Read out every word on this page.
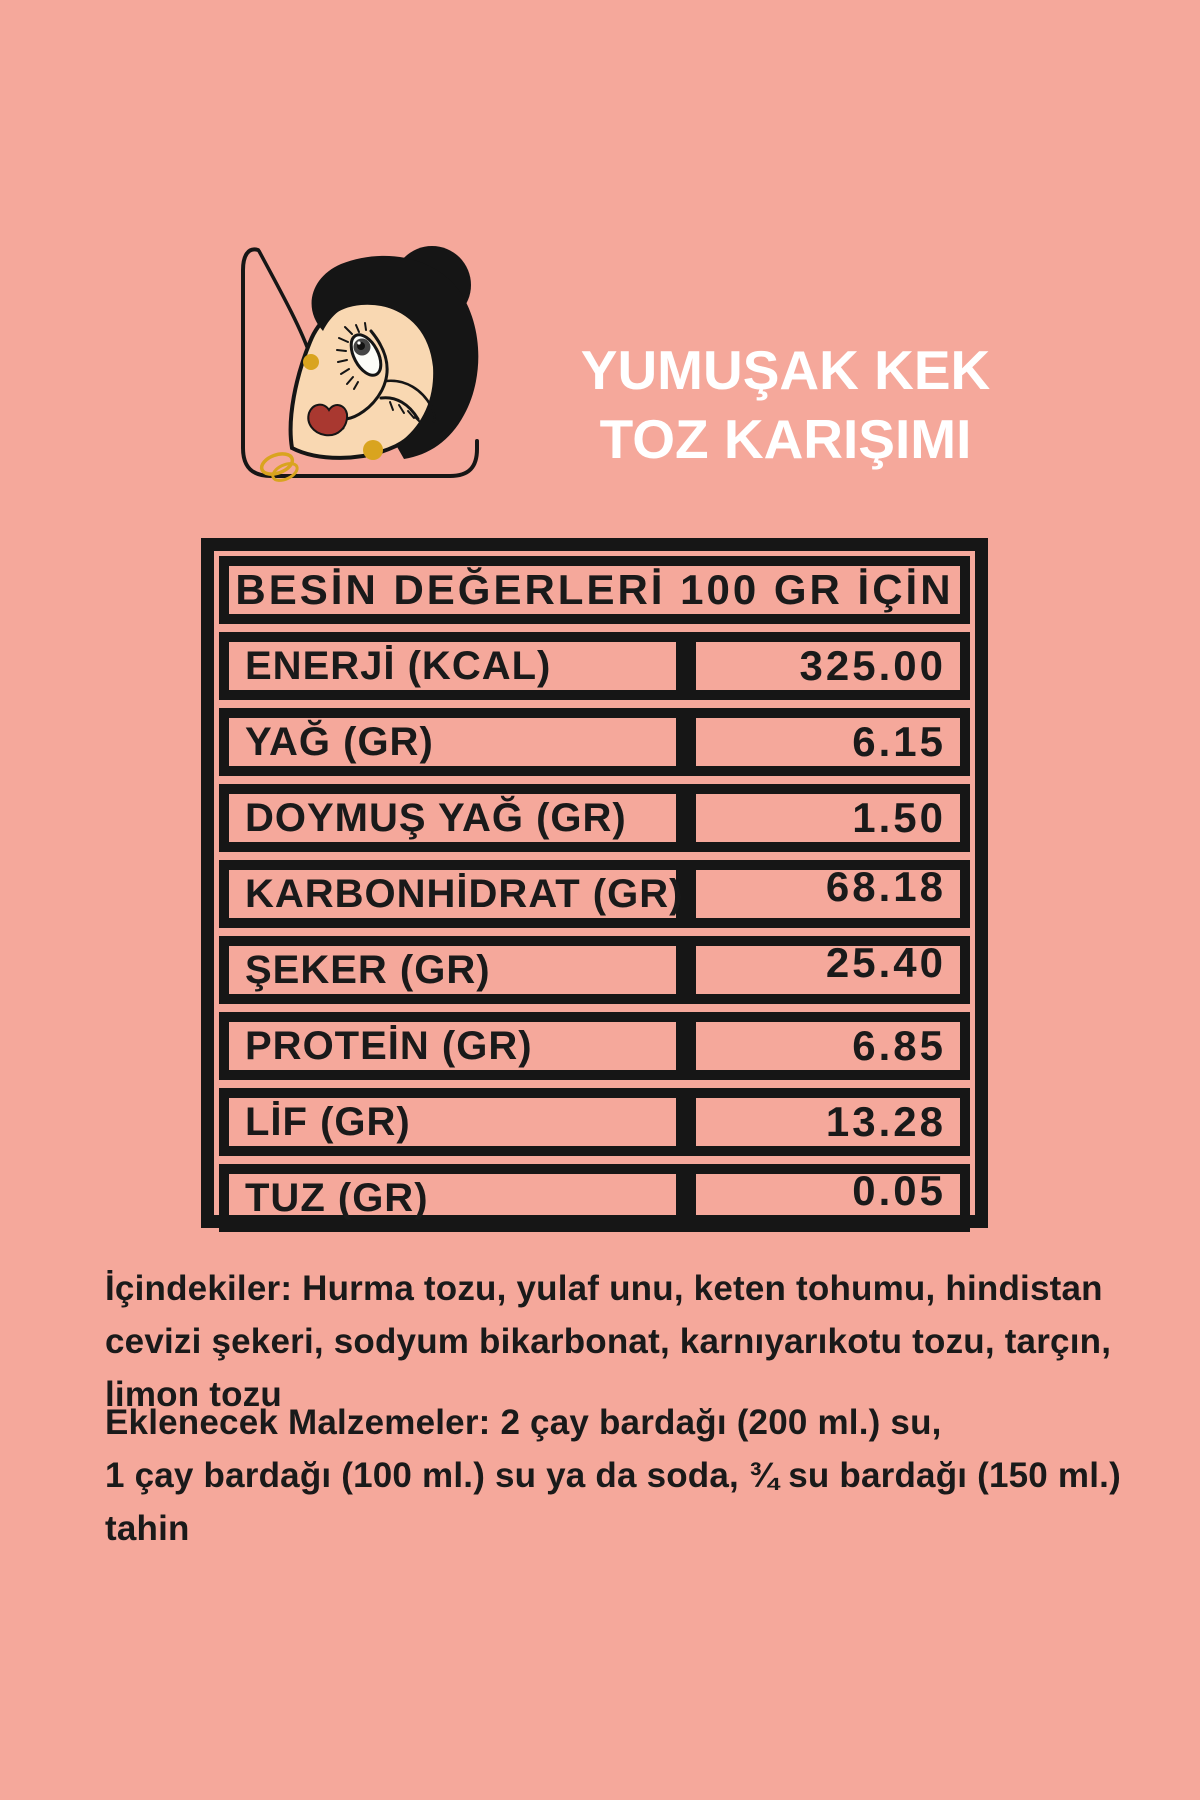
YUMUŞAK KEK
TOZ KARIŞIMI
BESİN DEĞERLERİ 100 GR İÇİN
ENERJİ (KCAL)	325.00
YAĞ (GR)	6.15
DOYMUŞ YAĞ (GR)	1.50
KARBONHİDRAT (GR)	68.18
ŞEKER (GR)	25.40
PROTEİN (GR)	6.85
LİF (GR)	13.28
TUZ (GR)	0.05
İçindekiler: Hurma tozu, yulaf unu, keten tohumu, hindistan
cevizi şekeri, sodyum bikarbonat, karnıyarıkotu tozu, tarçın,
limon tozu
Eklenecek Malzemeler: 2 çay bardağı (200 ml.) su,
1 çay bardağı (100 ml.) su ya da soda, ¾ su bardağı (150 ml.)
tahin
